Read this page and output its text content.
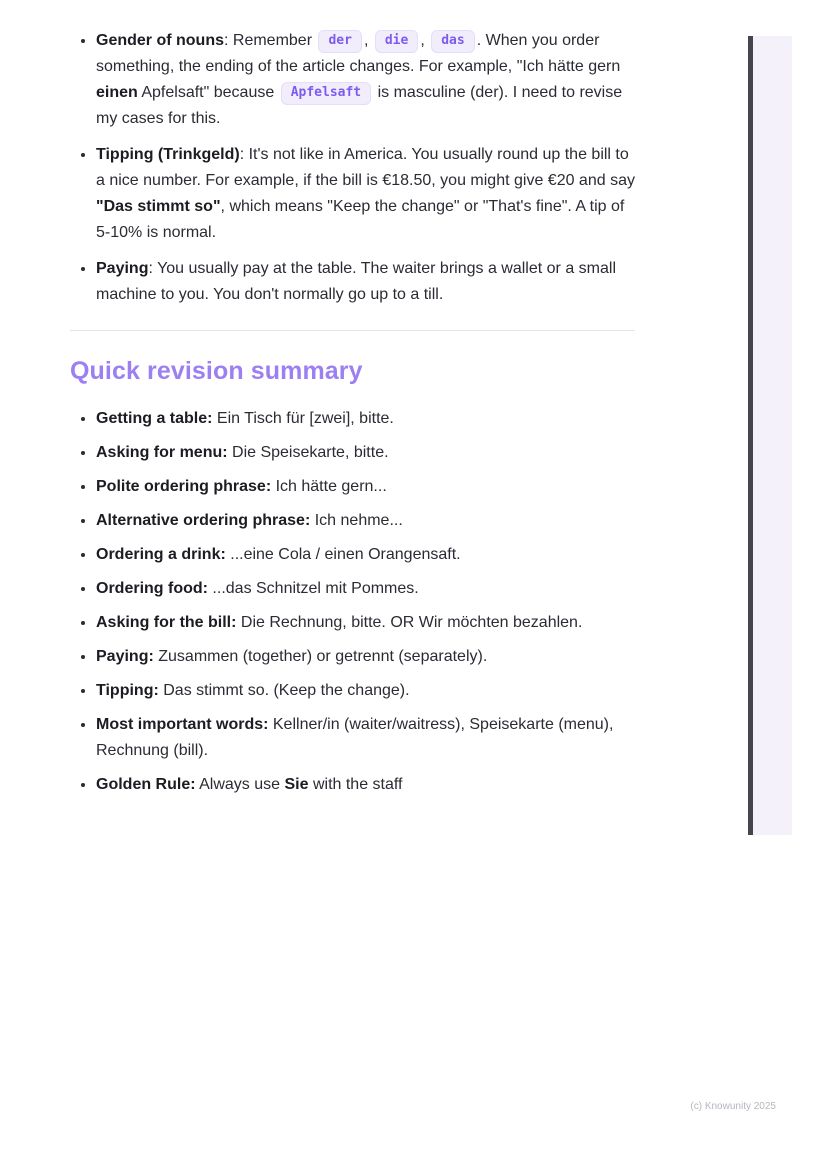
• Gender of nouns: Remember der , die , das . When you order something, the ending of the article changes. For example, "Ich hätte gern einen Apfelsaft" because Apfelsaft is masculine (der). I need to revise my cases for this.
• Tipping (Trinkgeld): It's not like in America. You usually round up the bill to a nice number. For example, if the bill is €18.50, you might give €20 and say "Das stimmt so", which means "Keep the change" or "That's fine". A tip of 5-10% is normal.
• Paying: You usually pay at the table. The waiter brings a wallet or a small machine to you. You don't normally go up to a till.
Quick revision summary
• Getting a table: Ein Tisch für [zwei], bitte.
• Asking for menu: Die Speisekarte, bitte.
• Polite ordering phrase: Ich hätte gern...
• Alternative ordering phrase: Ich nehme...
• Ordering a drink: ...eine Cola / einen Orangensaft.
• Ordering food: ...das Schnitzel mit Pommes.
• Asking for the bill: Die Rechnung, bitte. OR Wir möchten bezahlen.
• Paying: Zusammen (together) or getrennt (separately).
• Tipping: Das stimmt so. (Keep the change).
• Most important words: Kellner/in (waiter/waitress), Speisekarte (menu), Rechnung (bill).
• Golden Rule: Always use Sie with the staff
(c) Knowunity 2025
